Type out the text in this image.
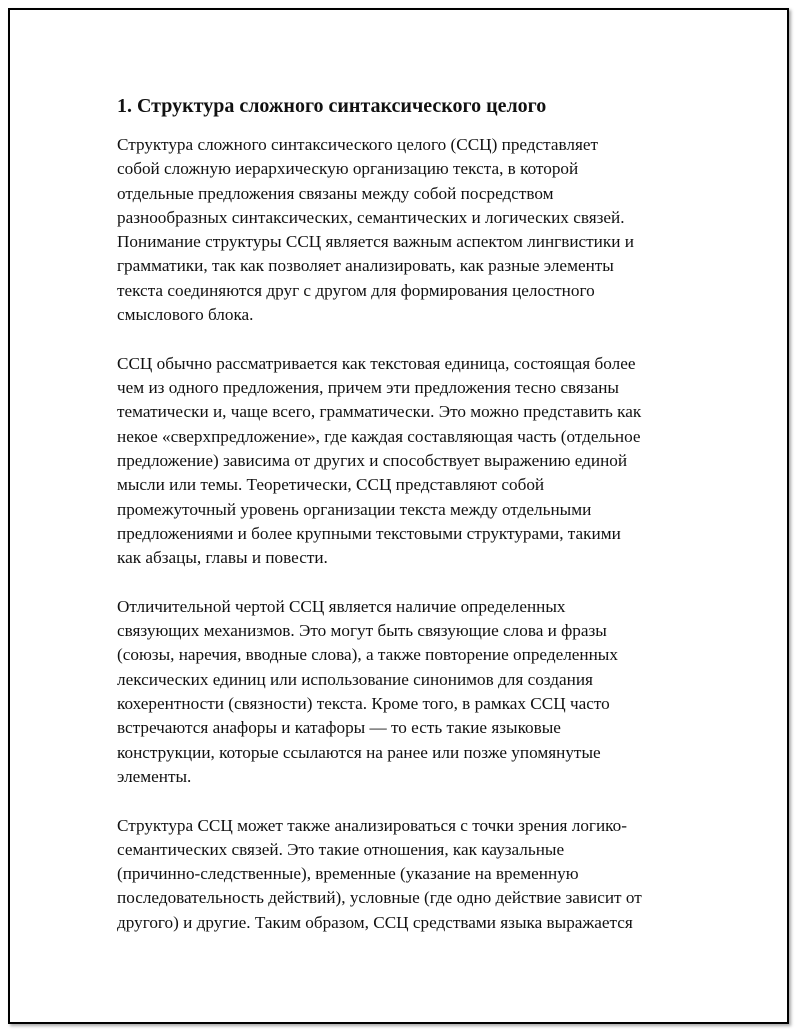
1. Структура сложного синтаксического целого

Структура сложного синтаксического целого (ССЦ) представляет
собой сложную иерархическую организацию текста, в которой
отдельные предложения связаны между собой посредством
разнообразных синтаксических, семантических и логических связей.
Понимание структуры ССЦ является важным аспектом лингвистики и
грамматики, так как позволяет анализировать, как разные элементы
текста соединяются друг с другом для формирования целостного
смыслового блока.

ССЦ обычно рассматривается как текстовая единица, состоящая более
чем из одного предложения, причем эти предложения тесно связаны
тематически и, чаще всего, грамматически. Это можно представить как
некое «сверхпредложение», где каждая составляющая часть (отдельное
предложение) зависима от других и способствует выражению единой
мысли или темы. Теоретически, ССЦ представляют собой
промежуточный уровень организации текста между отдельными
предложениями и более крупными текстовыми структурами, такими
как абзацы, главы и повести.

Отличительной чертой ССЦ является наличие определенных
связующих механизмов. Это могут быть связующие слова и фразы
(союзы, наречия, вводные слова), а также повторение определенных
лексических единиц или использование синонимов для создания
кохерентности (связности) текста. Кроме того, в рамках ССЦ часто
встречаются анафоры и катафоры — то есть такие языковые
конструкции, которые ссылаются на ранее или позже упомянутые
элементы.

Структура ССЦ может также анализироваться с точки зрения логико-
семантических связей. Это такие отношения, как каузальные
(причинно-следственные), временные (указание на временную
последовательность действий), условные (где одно действие зависит от
другого) и другие. Таким образом, ССЦ средствами языка выражается
